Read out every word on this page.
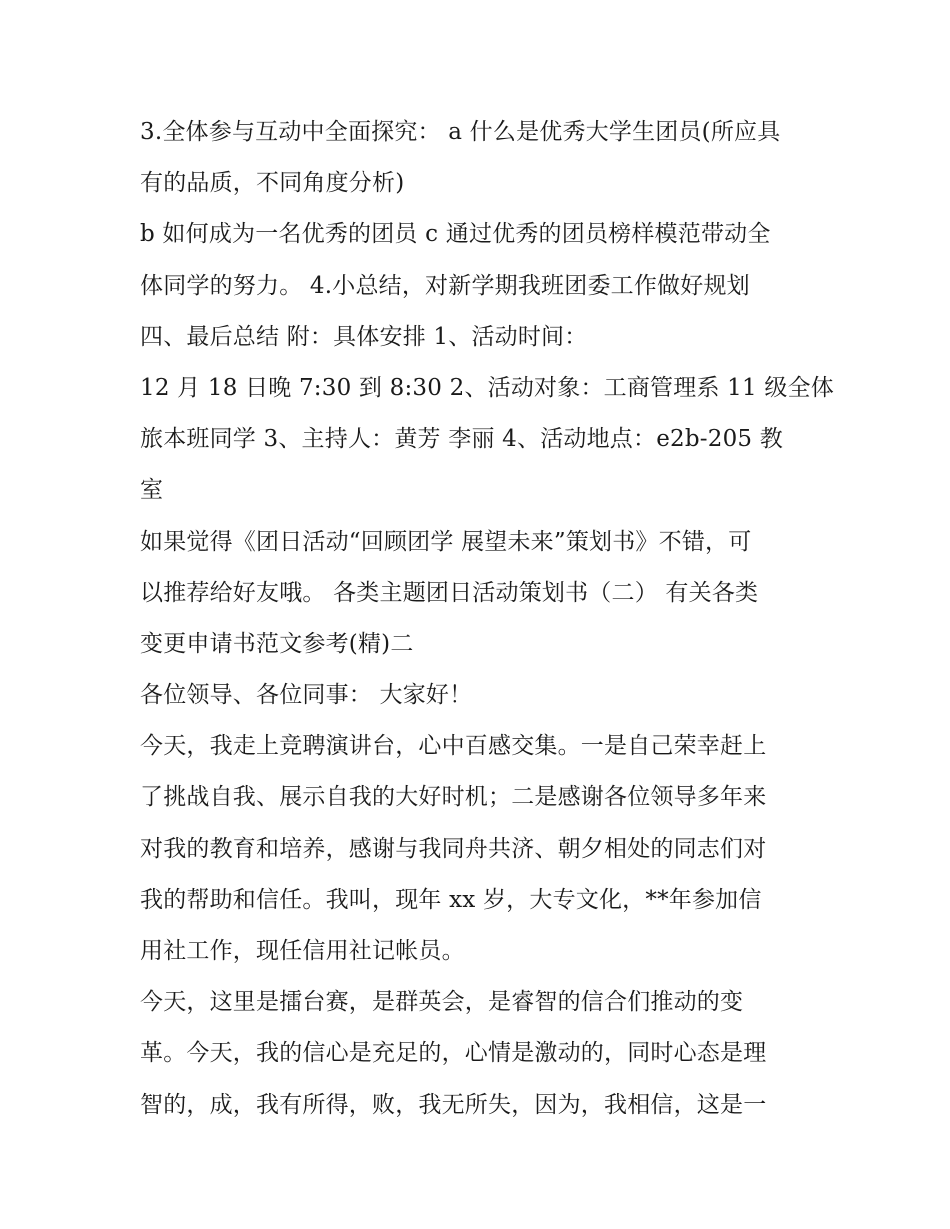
3.全体参与互动中全面探究： a 什么是优秀大学生团员(所应具
有的品质，不同角度分析)
b 如何成为一名优秀的团员 c 通过优秀的团员榜样模范带动全
体同学的努力。 4.小总结，对新学期我班团委工作做好规划
四、最后总结 附：具体安排 1、活动时间：
12 月 18 日晚 7:30 到 8:30 2、活动对象：工商管理系 11 级全体
旅本班同学 3、主持人：黄芳 李丽 4、活动地点：e2b-205 教
室
如果觉得《团日活动“回顾团学 展望未来”策划书》不错，可
以推荐给好友哦。 各类主题团日活动策划书（二） 有关各类
变更申请书范文参考(精)二
各位领导、各位同事： 大家好！
今天，我走上竞聘演讲台，心中百感交集。一是自己荣幸赶上
了挑战自我、展示自我的大好时机；二是感谢各位领导多年来
对我的教育和培养，感谢与我同舟共济、朝夕相处的同志们对
我的帮助和信任。我叫，现年 xx 岁，大专文化，**年参加信
用社工作，现任信用社记帐员。
今天，这里是擂台赛，是群英会，是睿智的信合们推动的变
革。今天，我的信心是充足的，心情是激动的，同时心态是理
智的，成，我有所得，败，我无所失，因为，我相信，这是一
